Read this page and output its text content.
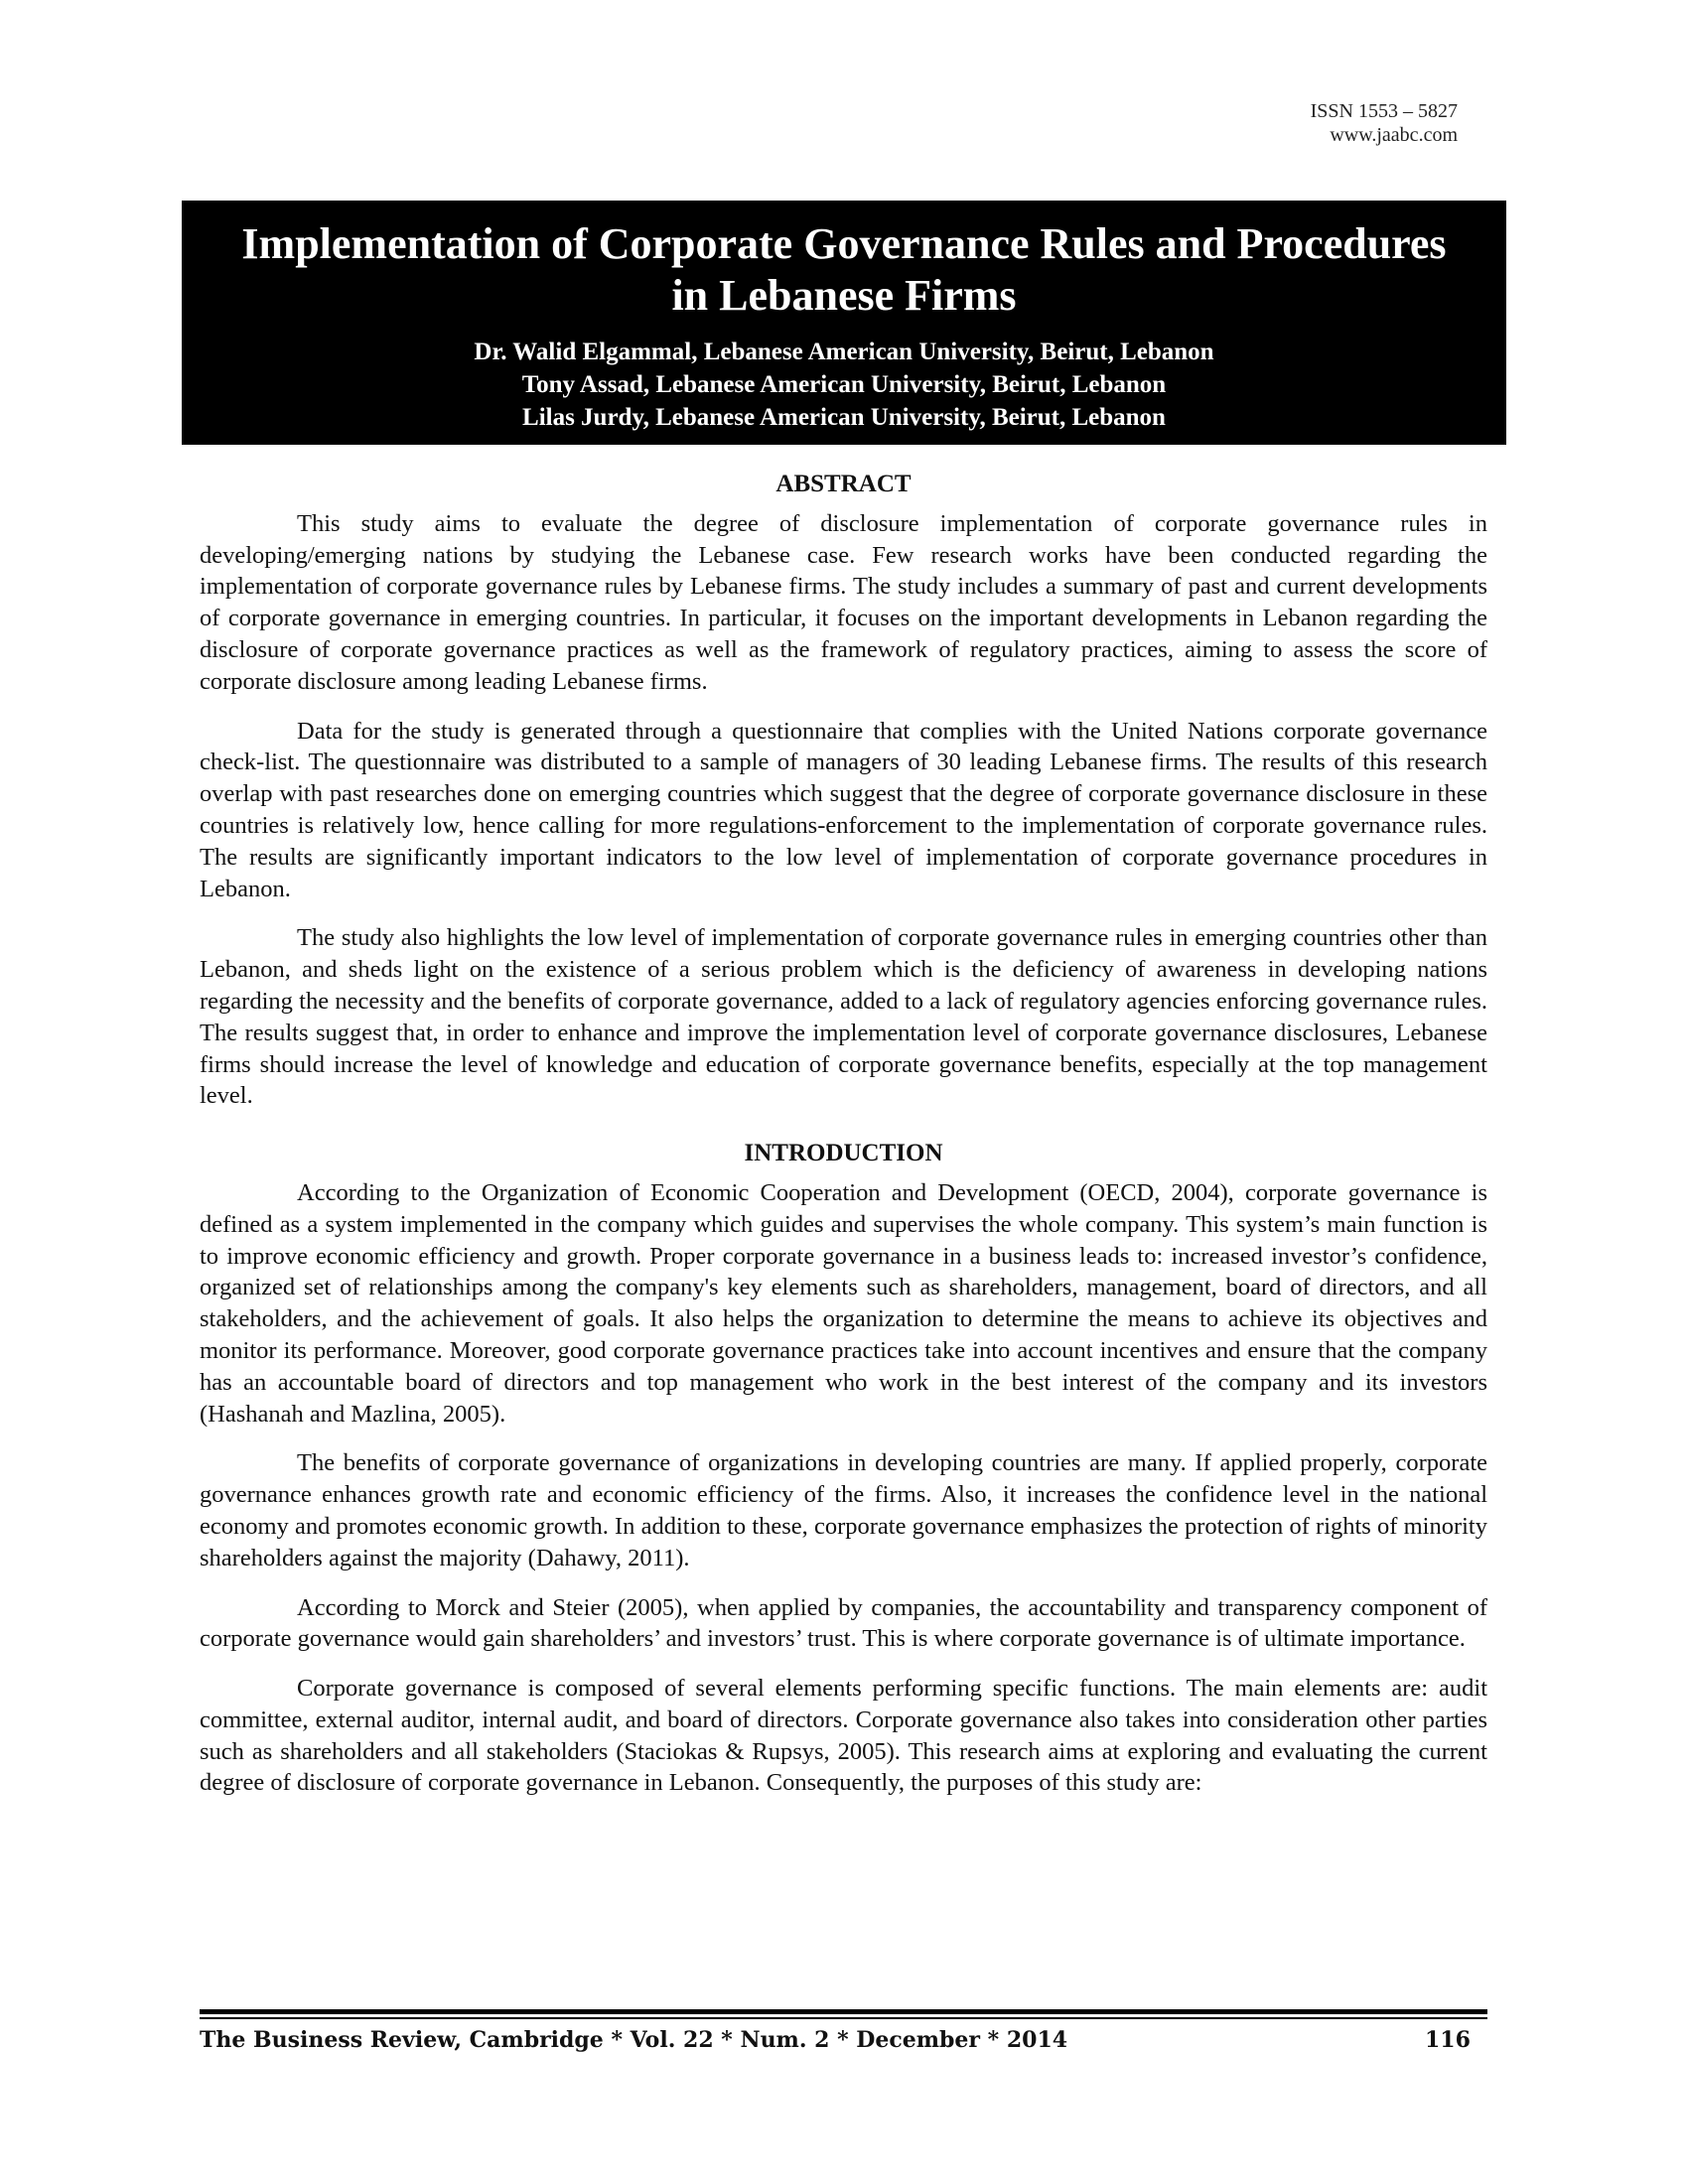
ISSN 1553 – 5827
www.jaabc.com
Implementation of Corporate Governance Rules and Procedures in Lebanese Firms
Dr. Walid Elgammal, Lebanese American University, Beirut, Lebanon
Tony Assad, Lebanese American University, Beirut, Lebanon
Lilas Jurdy, Lebanese American University, Beirut, Lebanon
ABSTRACT

This study aims to evaluate the degree of disclosure implementation of corporate governance rules in developing/emerging nations by studying the Lebanese case. Few research works have been conducted regarding the implementation of corporate governance rules by Lebanese firms. The study includes a summary of past and current developments of corporate governance in emerging countries. In particular, it focuses on the important developments in Lebanon regarding the disclosure of corporate governance practices as well as the framework of regulatory practices, aiming to assess the score of corporate disclosure among leading Lebanese firms.

Data for the study is generated through a questionnaire that complies with the United Nations corporate governance check-list. The questionnaire was distributed to a sample of managers of 30 leading Lebanese firms. The results of this research overlap with past researches done on emerging countries which suggest that the degree of corporate governance disclosure in these countries is relatively low, hence calling for more regulations-enforcement to the implementation of corporate governance rules. The results are significantly important indicators to the low level of implementation of corporate governance procedures in Lebanon.

The study also highlights the low level of implementation of corporate governance rules in emerging countries other than Lebanon, and sheds light on the existence of a serious problem which is the deficiency of awareness in developing nations regarding the necessity and the benefits of corporate governance, added to a lack of regulatory agencies enforcing governance rules. The results suggest that, in order to enhance and improve the implementation level of corporate governance disclosures, Lebanese firms should increase the level of knowledge and education of corporate governance benefits, especially at the top management level.

INTRODUCTION

According to the Organization of Economic Cooperation and Development (OECD, 2004), corporate governance is defined as a system implemented in the company which guides and supervises the whole company. This system’s main function is to improve economic efficiency and growth. Proper corporate governance in a business leads to: increased investor’s confidence, organized set of relationships among the company's key elements such as shareholders, management, board of directors, and all stakeholders, and the achievement of goals. It also helps the organization to determine the means to achieve its objectives and monitor its performance. Moreover, good corporate governance practices take into account incentives and ensure that the company has an accountable board of directors and top management who work in the best interest of the company and its investors (Hashanah and Mazlina, 2005).

The benefits of corporate governance of organizations in developing countries are many. If applied properly, corporate governance enhances growth rate and economic efficiency of the firms. Also, it increases the confidence level in the national economy and promotes economic growth. In addition to these, corporate governance emphasizes the protection of rights of minority shareholders against the majority (Dahawy, 2011).

According to Morck and Steier (2005), when applied by companies, the accountability and transparency component of corporate governance would gain shareholders’ and investors’ trust. This is where corporate governance is of ultimate importance.

Corporate governance is composed of several elements performing specific functions. The main elements are: audit committee, external auditor, internal audit, and board of directors. Corporate governance also takes into consideration other parties such as shareholders and all stakeholders (Staciokas & Rupsys, 2005). This research aims at exploring and evaluating the current degree of disclosure of corporate governance in Lebanon. Consequently, the purposes of this study are:

The Business Review, Cambridge * Vol. 22 * Num. 2 * December * 2014	116
